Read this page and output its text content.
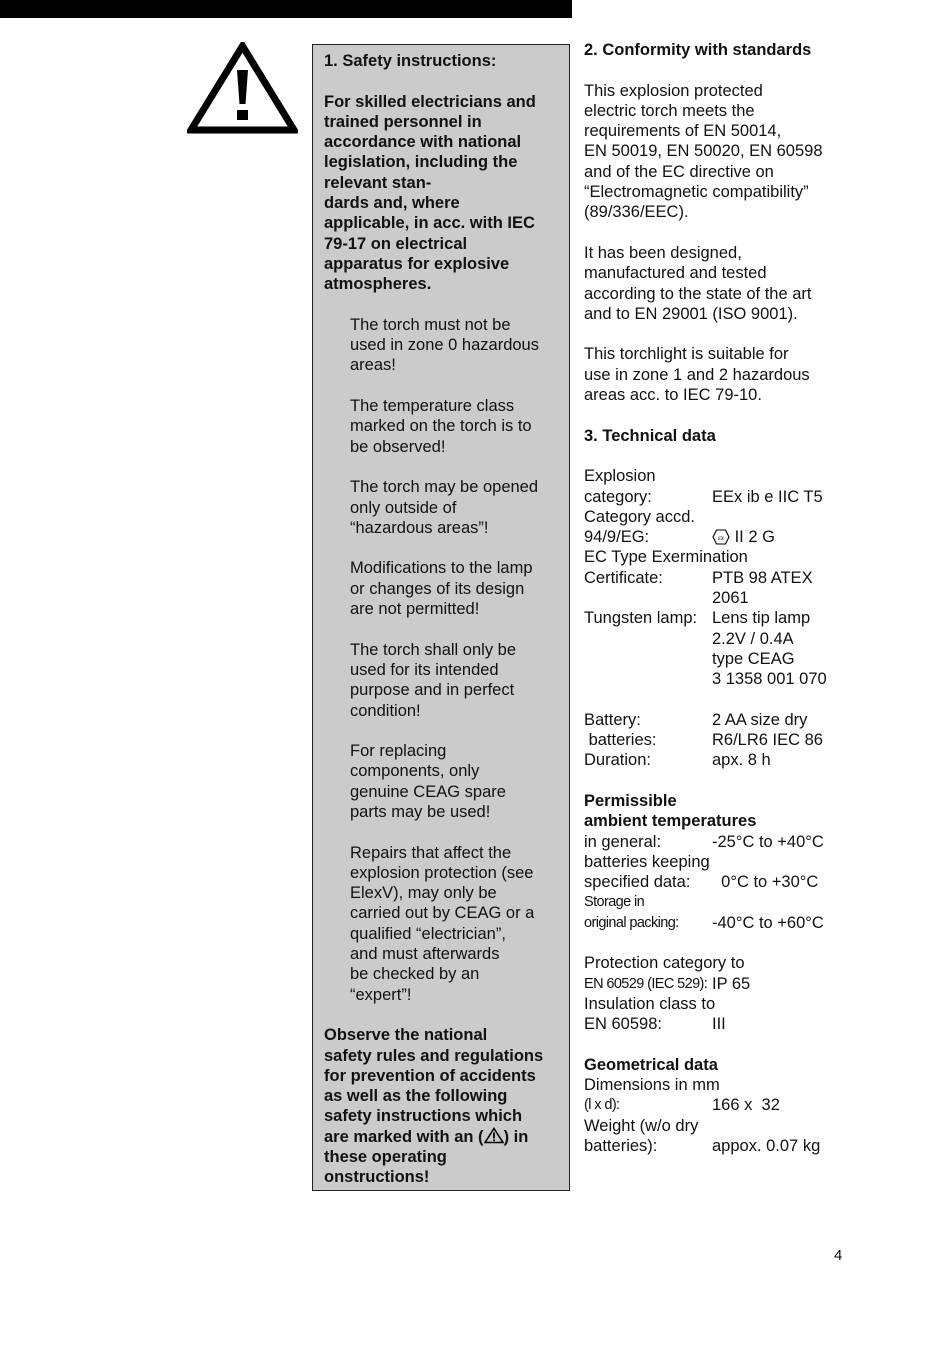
1. Safety instructions:

For skilled electricians and
trained personnel in
accordance with national
legislation, including the
relevant stan-
dards and, where
applicable, in acc. with IEC
79-17 on electrical
apparatus for explosive
atmospheres.

The torch must not be
used in zone 0 hazardous
areas!

The temperature class
marked on the torch is to
be observed!

The torch may be opened
only outside of
“hazardous areas”!

Modifications to the lamp
or changes of its design
are not permitted!

The torch shall only be
used for its intended
purpose and in perfect
condition!

For replacing
components, only
genuine CEAG spare
parts may be used!

Repairs that affect the
explosion protection (see
ElexV), may only be
carried out by CEAG or a
qualified “electrician”,
and must afterwards
be checked by an
“expert”!

Observe the national
safety rules and regulations
for prevention of accidents
as well as the following
safety instructions which
are marked with an ( ) in
these operating
onstructions!

2. Conformity with standards

This explosion protected
electric torch meets the
requirements of EN 50014,
EN 50019, EN 50020, EN 60598
and of the EC directive on
“Electromagnetic compatibility”
(89/336/EEC).

It has been designed,
manufactured and tested
according to the state of the art
and to EN 29001 (ISO 9001).

This torchlight is suitable for
use in zone 1 and 2 hazardous
areas acc. to IEC 79-10.

3. Technical data

Explosion
category:	EEx ib e IIC T5
Category accd.
94/9/EG:	εx II 2 G
EC Type Exermination
Certificate:	PTB 98 ATEX
2061
Tungsten lamp: Lens tip lamp
2.2V / 0.4A
type CEAG
3 1358 001 070

Battery:	2 AA size dry
batteries:	R6/LR6 IEC 86
Duration:	apx. 8 h

Permissible
ambient temperatures
in general:	-25°C to +40°C
batteries keeping
specified data:	0°C to +30°C
Storage in
original packing:	-40°C to +60°C

Protection category to
EN 60529 (IEC 529): IP 65
Insulation class to
EN 60598:	III

Geometrical data
Dimensions in mm
(l x d):	166 x  32
Weight (w/o dry
batteries):	appox. 0.07 kg
4
